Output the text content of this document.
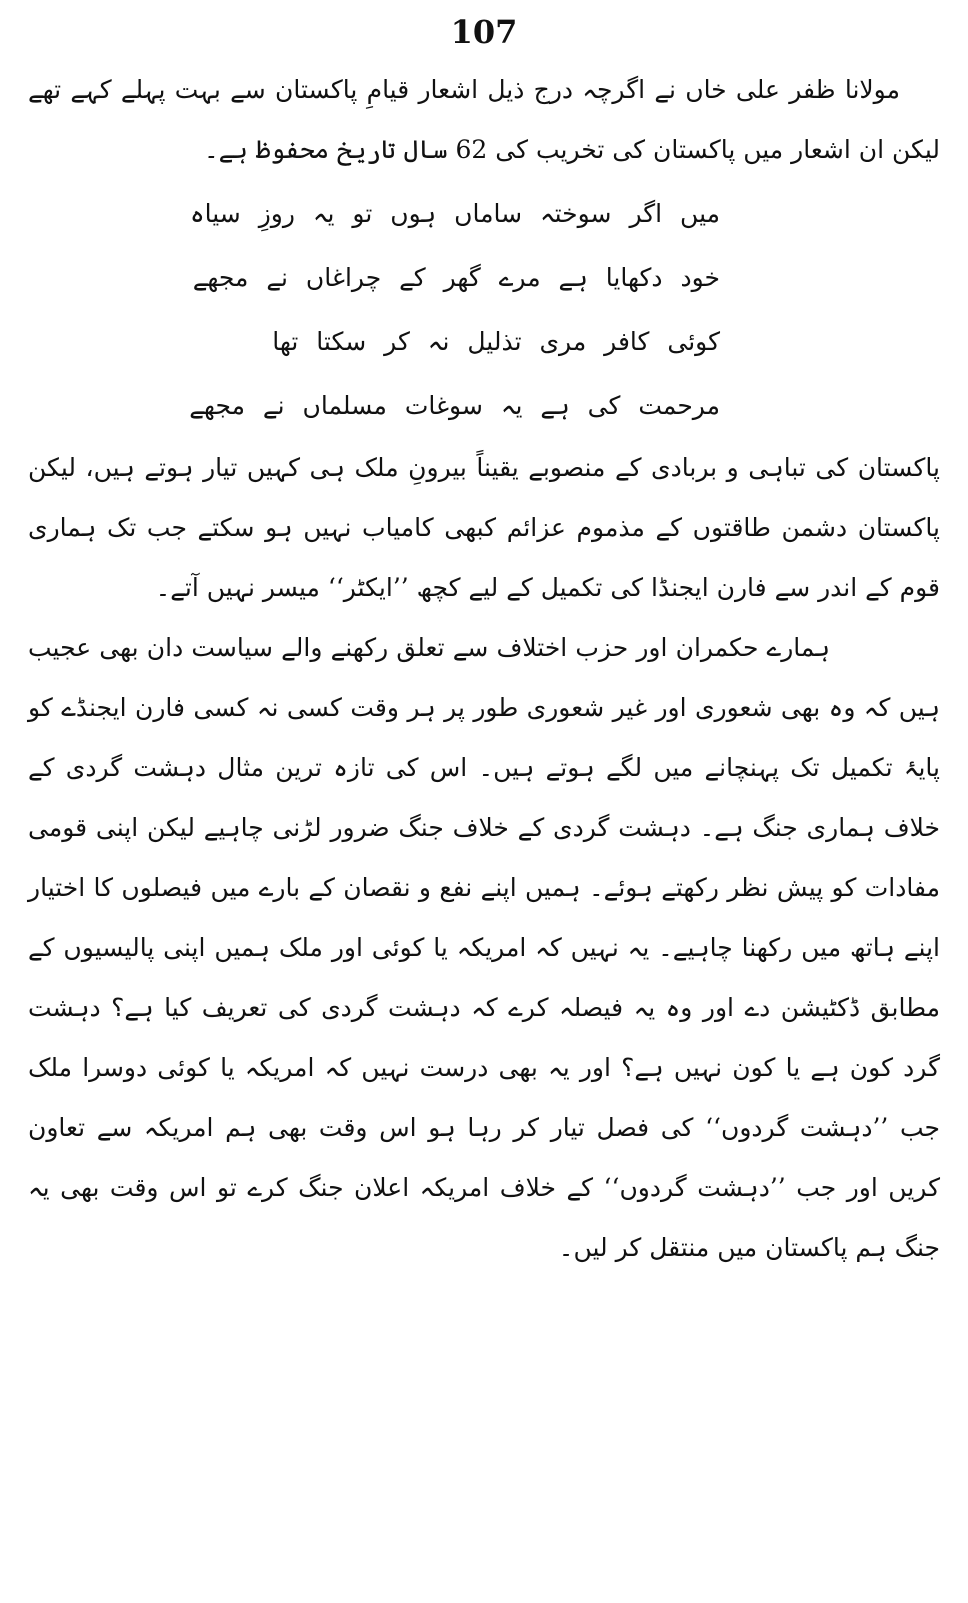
107

مولانا ظفر علی خاں نے اگرچہ درج ذیل اشعار قیامِ پاکستان سے بہت پہلے کہے تھے لیکن ان اشعار میں پاکستان کی تخریب کی 62 سال تاریخ محفوظ ہے۔

میں اگر سوختہ ساماں ہوں تو یہ روزِ سیاہ
خود دکھایا ہے مرے گھر کے چراغاں نے مجھے
کوئی کافر مری تذلیل نہ کر سکتا تھا
مرحمت کی ہے یہ سوغات مسلماں نے مجھے

پاکستان کی تباہی و بربادی کے منصوبے یقیناً بیرونِ ملک ہی کہیں تیار ہوتے ہیں، لیکن پاکستان دشمن طاقتوں کے مذموم عزائم کبھی کامیاب نہیں ہو سکتے جب تک ہماری قوم کے اندر سے فارن ایجنڈا کی تکمیل کے لیے کچھ ’’ایکٹر‘‘ میسر نہیں آتے۔

ہمارے حکمران اور حزب اختلاف سے تعلق رکھنے والے سیاست دان بھی عجیب ہیں کہ وہ بھی شعوری اور غیر شعوری طور پر ہر وقت کسی نہ کسی فارن ایجنڈے کو پایۂ تکمیل تک پہنچانے میں لگے ہوتے ہیں۔ اس کی تازہ ترین مثال دہشت گردی کے خلاف ہماری جنگ ہے۔ دہشت گردی کے خلاف جنگ ضرور لڑنی چاہیے لیکن اپنی قومی مفادات کو پیش نظر رکھتے ہوئے۔ ہمیں اپنے نفع و نقصان کے بارے میں فیصلوں کا اختیار اپنے ہاتھ میں رکھنا چاہیے۔ یہ نہیں کہ امریکہ یا کوئی اور ملک ہمیں اپنی پالیسیوں کے مطابق ڈکٹیشن دے اور وہ یہ فیصلہ کرے کہ دہشت گردی کی تعریف کیا ہے؟ دہشت گرد کون ہے یا کون نہیں ہے؟ اور یہ بھی درست نہیں کہ امریکہ یا کوئی دوسرا ملک جب ’’دہشت گردوں‘‘ کی فصل تیار کر رہا ہو اس وقت بھی ہم امریکہ سے تعاون کریں اور جب ’’دہشت گردوں‘‘ کے خلاف امریکہ اعلان جنگ کرے تو اس وقت بھی یہ جنگ ہم پاکستان میں منتقل کر لیں۔
